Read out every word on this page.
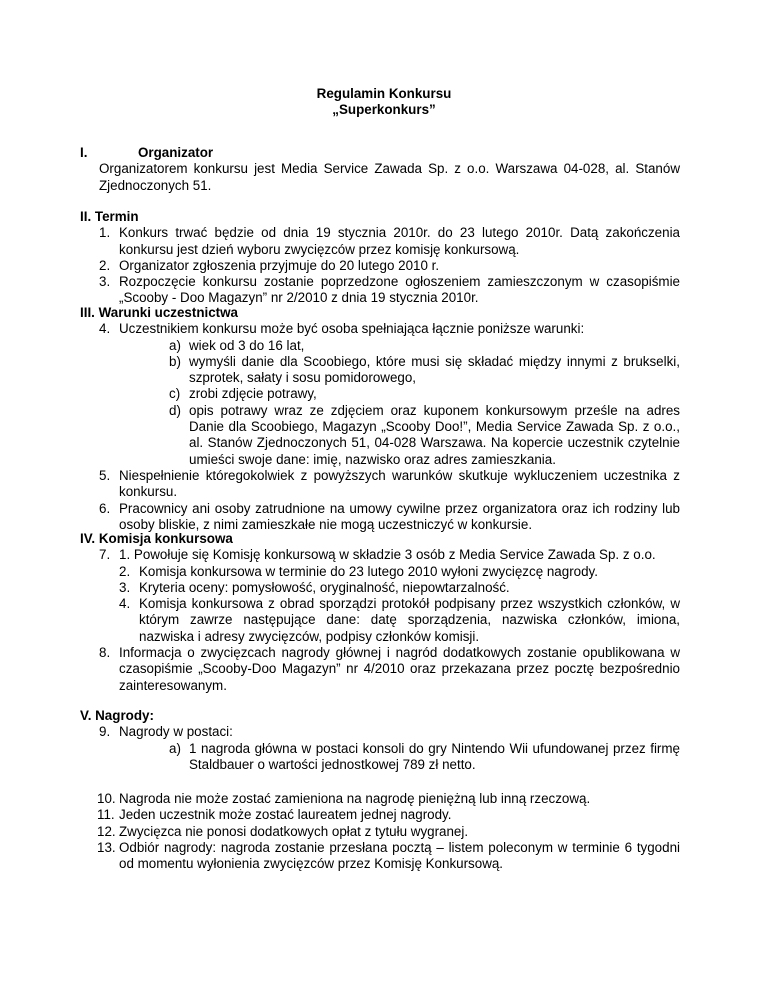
Regulamin Konkursu
„Superkonkurs”
I.	Organizator
Organizatorem konkursu jest Media Service Zawada Sp. z o.o. Warszawa 04-028, al. Stanów Zjednoczonych 51.
II. Termin
1. Konkurs trwać będzie od dnia 19 stycznia 2010r. do 23 lutego 2010r. Datą zakończenia konkursu jest dzień wyboru zwycięzców przez komisję konkursową.
2. Organizator zgłoszenia przyjmuje do 20 lutego 2010 r.
3. Rozpoczęcie konkursu zostanie poprzedzone ogłoszeniem zamieszczonym w czasopiśmie „Scooby - Doo Magazyn” nr 2/2010 z dnia 19 stycznia 2010r.
III. Warunki uczestnictwa
4. Uczestnikiem konkursu może być osoba spełniająca łącznie poniższe warunki:
a) wiek od 3 do 16 lat,
b) wymyśli danie dla Scoobiego, które musi się składać między innymi z brukselki, szprotek, sałaty i sosu pomidorowego,
c) zrobi zdjęcie potrawy,
d) opis potrawy wraz ze zdjęciem oraz kuponem konkursowym prześle na adres Danie dla Scoobiego, Magazyn „Scooby Doo!”, Media Service Zawada Sp. z o.o., al. Stanów Zjednoczonych 51, 04-028 Warszawa. Na kopercie uczestnik czytelnie umieści swoje dane: imię, nazwisko oraz adres zamieszkania.
5. Niespełnienie któregokolwiek z powyższych warunków skutkuje wykluczeniem uczestnika z konkursu.
6. Pracownicy ani osoby zatrudnione na umowy cywilne przez organizatora oraz ich rodziny lub osoby bliskie, z nimi zamieszkałe nie mogą uczestniczyć w konkursie.
IV. Komisja konkursowa
7. 1. Powołuje się Komisję konkursową w składzie 3 osób z Media Service Zawada Sp. z o.o.
2. Komisja konkursowa w terminie do 23 lutego 2010 wyłoni zwycięzcę nagrody.
3. Kryteria oceny: pomysłowość, oryginalność, niepowtarzalność.
4. Komisja konkursowa z obrad sporządzi protokół podpisany przez wszystkich członków, w którym zawrze następujące dane: datę sporządzenia, nazwiska członków, imiona, nazwiska i adresy zwycięzców, podpisy członków komisji.
8. Informacja o zwycięzcach nagrody głównej i nagród dodatkowych zostanie opublikowana w czasopiśmie „Scooby-Doo Magazyn” nr 4/2010 oraz przekazana przez pocztę bezpośrednio zainteresowanym.
V. Nagrody:
9. Nagrody w postaci:
a) 1 nagroda główna w postaci konsoli do gry Nintendo Wii ufundowanej przez firmę Staldbauer o wartości jednostkowej 789 zł netto.
10. Nagroda nie może zostać zamieniona na nagrodę pieniężną lub inną rzeczową.
11. Jeden uczestnik może zostać laureatem jednej nagrody.
12. Zwycięzca nie ponosi dodatkowych opłat z tytułu wygranej.
13. Odbiór nagrody: nagroda zostanie przesłana pocztą – listem poleconym w terminie 6 tygodni od momentu wyłonienia zwycięzców przez Komisję Konkursową.
